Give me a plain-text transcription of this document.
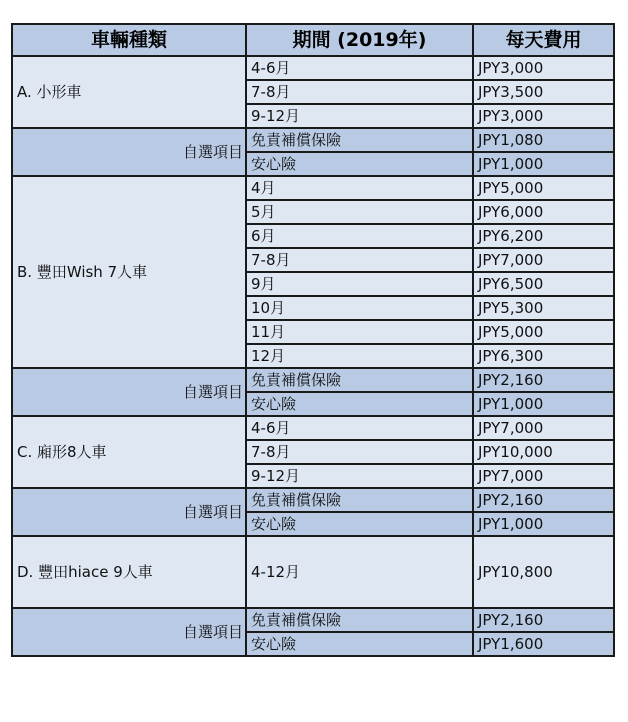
車輛種類	期間 (2019年)	每天費用
A. 小形車	4-6月	JPY3,000
	7-8月	JPY3,500
	9-12月	JPY3,000
自選項目	免責補償保險	JPY1,080
	安心險	JPY1,000
B. 豐田Wish 7人車	4月	JPY5,000
	5月	JPY6,000
	6月	JPY6,200
	7-8月	JPY7,000
	9月	JPY6,500
	10月	JPY5,300
	11月	JPY5,000
	12月	JPY6,300
自選項目	免責補償保險	JPY2,160
	安心險	JPY1,000
C. 廂形8人車	4-6月	JPY7,000
	7-8月	JPY10,000
	9-12月	JPY7,000
自選項目	免責補償保險	JPY2,160
	安心險	JPY1,000
D. 豐田hiace 9人車	4-12月	JPY10,800
自選項目	免責補償保險	JPY2,160
	安心險	JPY1,600
